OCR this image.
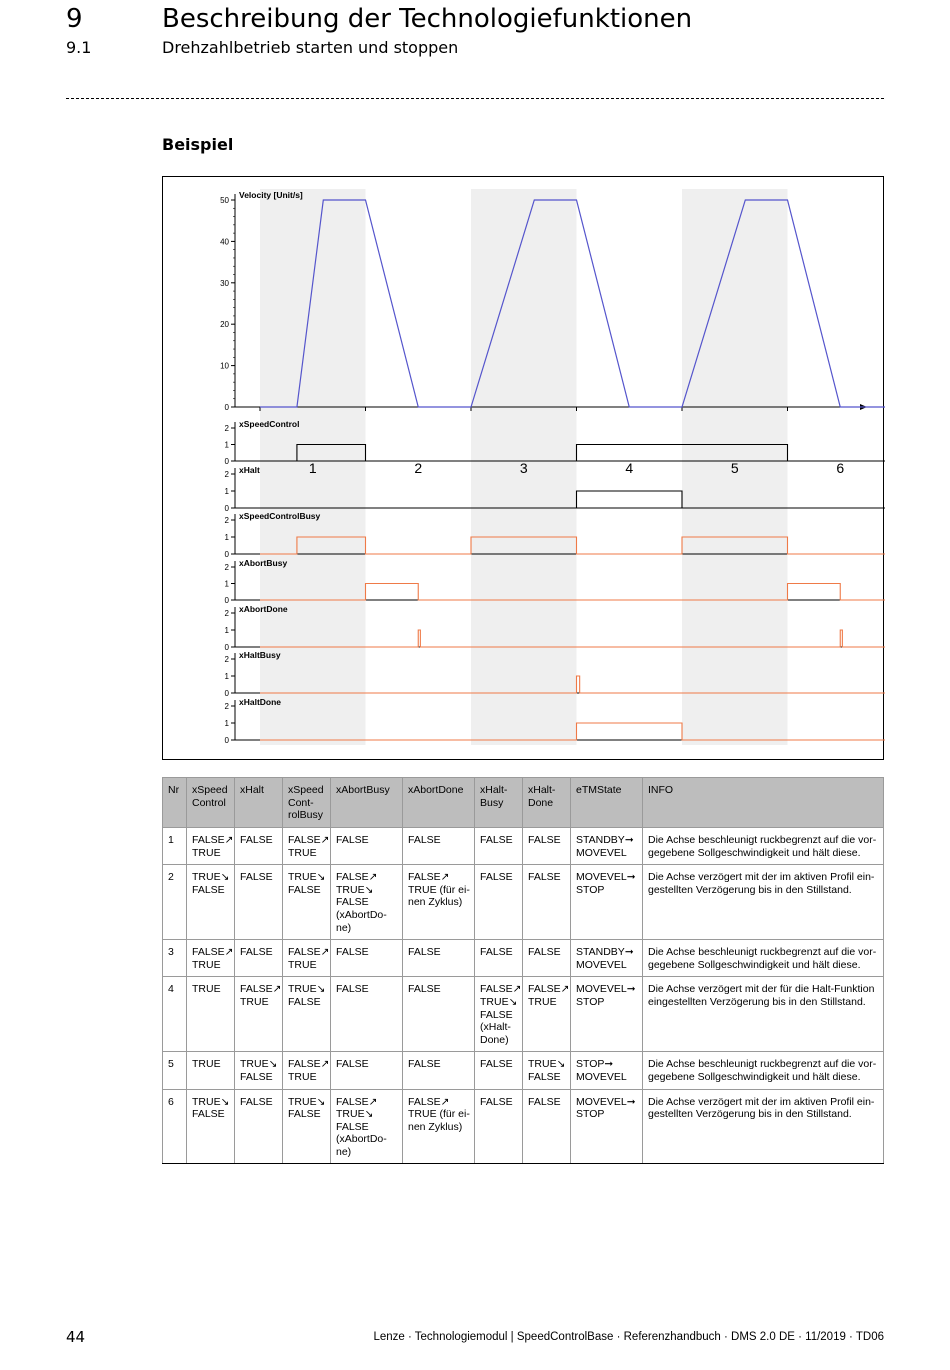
9	Beschreibung der Technologiefunktionen
9.1	Drehzahlbetrieb starten und stoppen
Beispiel
0
10
20
30
40
50
Velocity [Unit/s]
0
1
2 xSpeedControl
0
1
2 xHalt
0
1
2 xSpeedControlBusy
0
1
2 xAbortBusy
0
1
2 xAbortDone
0
1
2 xHaltBusy
0
1
2 xHaltDone
1	2	3	4	5	6
Nr	xSpeed
Control	xHalt	xSpeed
Cont-
rolBusy	xAbortBusy	xAbortDone	xHalt-
Busy	xHalt-
Done	eTMState	INFO
1	FALSE↗
TRUE	FALSE	FALSE↗
TRUE	FALSE	FALSE	FALSE	FALSE	STANDBY➞
MOVEVEL	Die Achse beschleunigt ruckbegrenzt auf die vor-
gegebene Sollgeschwindigkeit und hält diese.
2	TRUE↘
FALSE	FALSE	TRUE↘
FALSE	FALSE↗
TRUE↘
FALSE
(xAbortDo-
ne)	FALSE↗
TRUE (für ei-
nen Zyklus)	FALSE	FALSE	MOVEVEL➞
STOP	Die Achse verzögert mit der im aktiven Profil ein-
gestellten Verzögerung bis in den Stillstand.
3	FALSE↗
TRUE	FALSE	FALSE↗
TRUE	FALSE	FALSE	FALSE	FALSE	STANDBY➞
MOVEVEL	Die Achse beschleunigt ruckbegrenzt auf die vor-
gegebene Sollgeschwindigkeit und hält diese.
4	TRUE	FALSE↗
TRUE	TRUE↘
FALSE	FALSE	FALSE	FALSE↗
TRUE↘
FALSE
(xHalt-
Done)	FALSE↗
TRUE	MOVEVEL➞
STOP	Die Achse verzögert mit der für die Halt-Funktion
eingestellten Verzögerung bis in den Stillstand.
5	TRUE	TRUE↘
FALSE	FALSE↗
TRUE	FALSE	FALSE	FALSE	TRUE↘
FALSE	STOP➞
MOVEVEL	Die Achse beschleunigt ruckbegrenzt auf die vor-
gegebene Sollgeschwindigkeit und hält diese.
6	TRUE↘
FALSE	FALSE	TRUE↘
FALSE	FALSE↗
TRUE↘
FALSE
(xAbortDo-
ne)	FALSE↗
TRUE (für ei-
nen Zyklus)	FALSE	FALSE	MOVEVEL➞
STOP	Die Achse verzögert mit der im aktiven Profil ein-
gestellten Verzögerung bis in den Stillstand.
44	Lenze · Technologiemodul | SpeedControlBase · Referenzhandbuch · DMS 2.0 DE · 11/2019 · TD06
